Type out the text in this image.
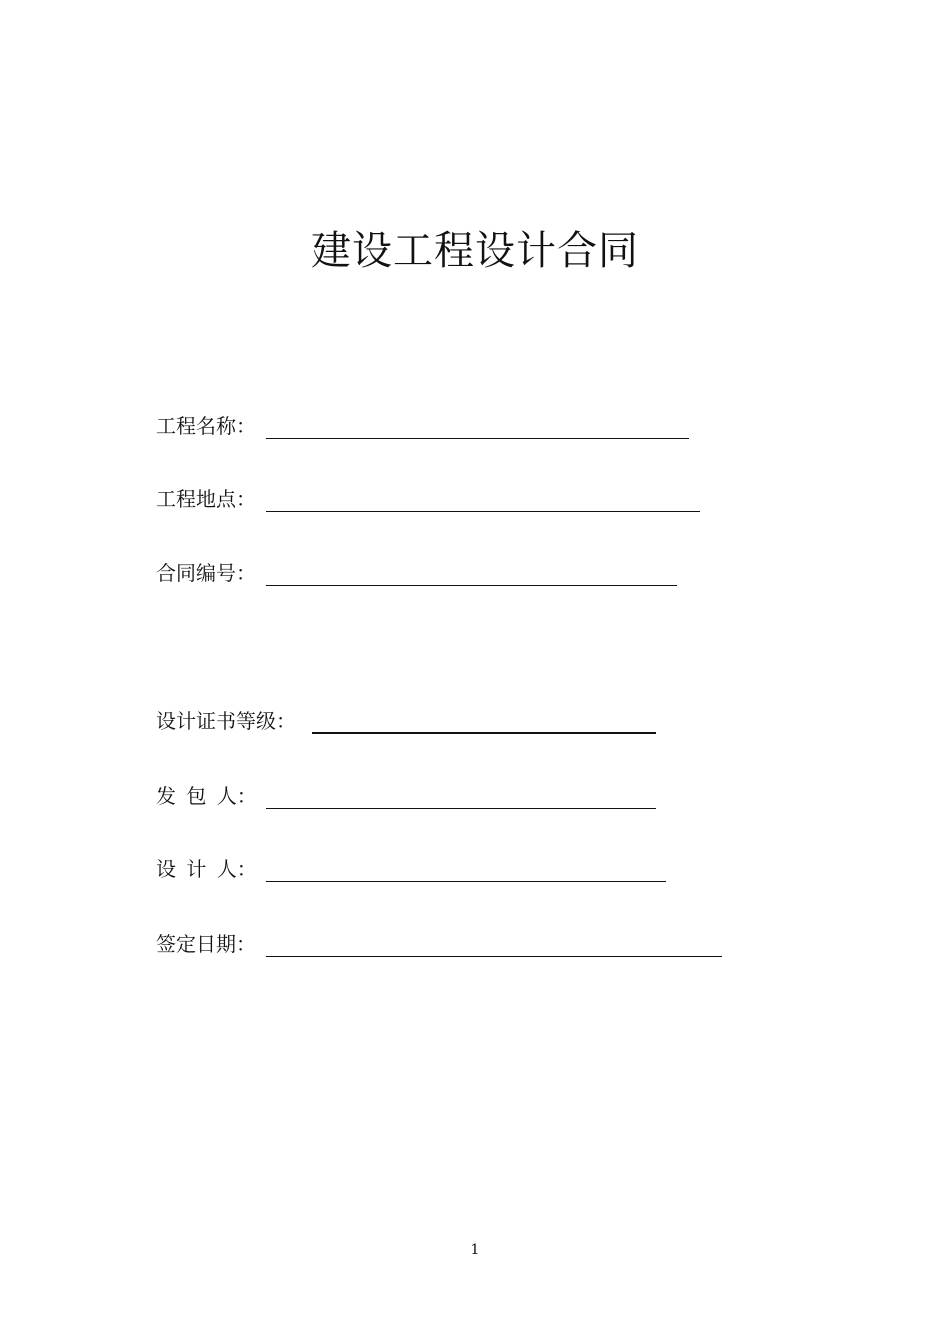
建设工程设计合同
工程名称：
工程地点：
合同编号：
设计证书等级：
发 包 人：
设 计 人：
签定日期：
1
